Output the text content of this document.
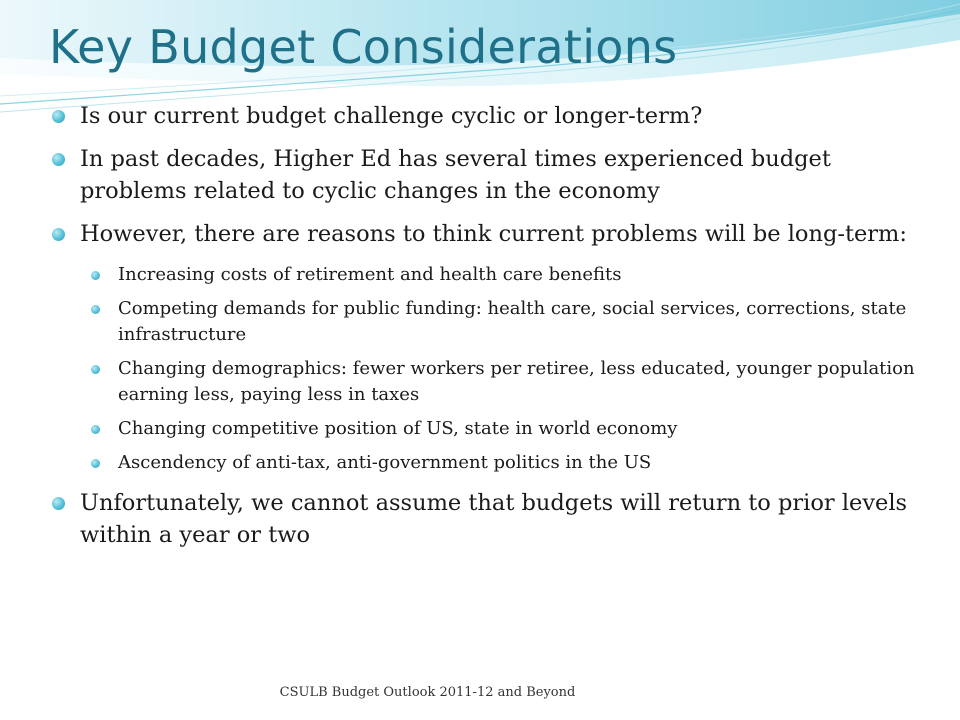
Key Budget Considerations
Is our current budget challenge cyclic or longer-term?
In past decades, Higher Ed has several times experienced budget problems related to cyclic changes in the economy
However, there are reasons to think current problems will be long-term:
Increasing costs of retirement and health care benefits
Competing demands for public funding: health care, social services, corrections, state infrastructure
Changing demographics: fewer workers per retiree, less educated, younger population earning less, paying less in taxes
Changing competitive position of US, state in world economy
Ascendency of anti-tax, anti-government politics in the US
Unfortunately, we cannot assume that budgets will return to prior levels within a year or two
CSULB Budget Outlook 2011-12 and Beyond
